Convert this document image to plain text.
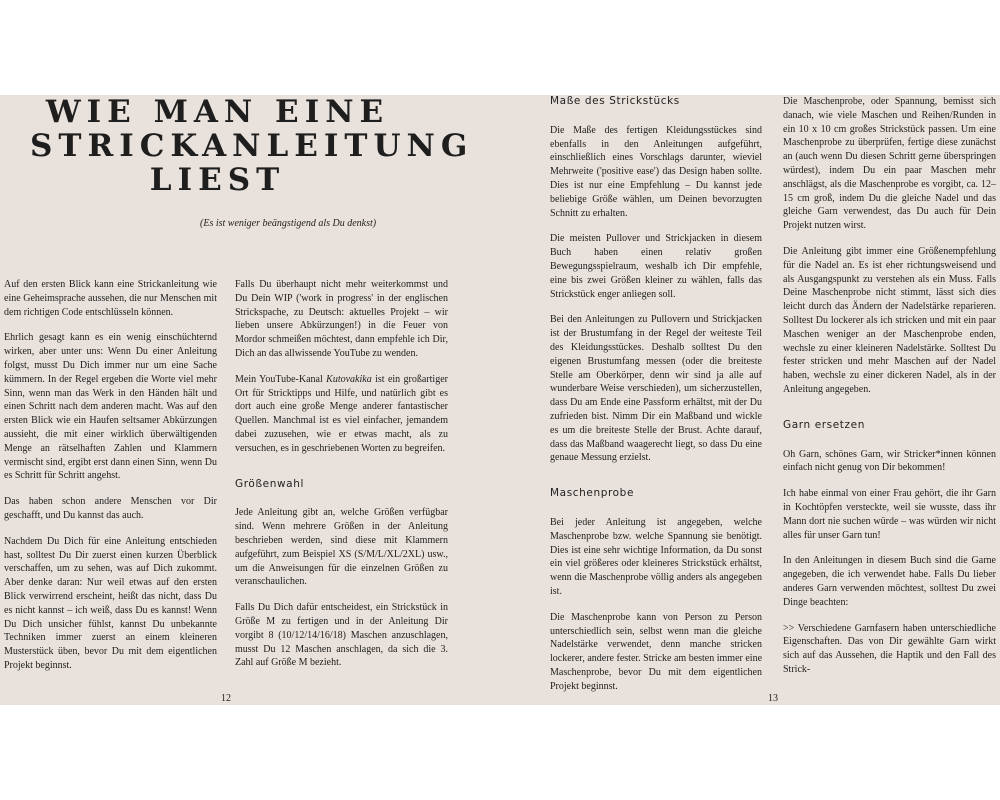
WIE MAN EINE
STRICKANLEITUNG
LIEST
(Es ist weniger beängstigend als Du denkst)

Auf den ersten Blick kann eine Strickanleitung wie eine Geheimsprache aussehen, die nur Menschen mit dem richtigen Code entschlüsseln können.

Ehrlich gesagt kann es ein wenig einschüchternd wirken, aber unter uns: Wenn Du einer Anleitung folgst, musst Du Dich immer nur um eine Sache kümmern. In der Regel ergeben die Worte viel mehr Sinn, wenn man das Werk in den Händen hält und einen Schritt nach dem anderen macht. Was auf den ersten Blick wie ein Haufen seltsamer Abkürzungen aussieht, die mit einer wirklich überwältigenden Menge an rätselhaften Zahlen und Klammern vermischt sind, ergibt erst dann einen Sinn, wenn Du es Schritt für Schritt angehst.

Das haben schon andere Menschen vor Dir geschafft, und Du kannst das auch.

Nachdem Du Dich für eine Anleitung entschieden hast, solltest Du Dir zuerst einen kurzen Überblick verschaffen, um zu sehen, was auf Dich zukommt. Aber denke daran: Nur weil etwas auf den ersten Blick verwirrend erscheint, heißt das nicht, dass Du es nicht kannst – ich weiß, dass Du es kannst! Wenn Du Dich unsicher fühlst, kannst Du unbekannte Techniken immer zuerst an einem kleineren Musterstück üben, bevor Du mit dem eigentlichen Projekt beginnst.

Falls Du überhaupt nicht mehr weiterkommst und Du Dein WIP ('work in progress' in der englischen Strickspache, zu Deutsch: aktuelles Projekt – wir lieben unsere Abkürzungen!) in die Feuer von Mordor schmeißen möchtest, dann empfehle ich Dir, Dich an das allwissende YouTube zu wenden.

Mein YouTube-Kanal Kutovakika ist ein großartiger Ort für Stricktipps und Hilfe, und natürlich gibt es dort auch eine große Menge anderer fantastischer Quellen. Manchmal ist es viel einfacher, jemandem dabei zuzusehen, wie er etwas macht, als zu versuchen, es in geschriebenen Worten zu begreifen.

Größenwahl

Jede Anleitung gibt an, welche Größen verfügbar sind. Wenn mehrere Größen in der Anleitung beschrieben werden, sind diese mit Klammern aufgeführt, zum Beispiel XS (S/M/L/XL/2XL) usw., um die Anweisungen für die einzelnen Größen zu veranschaulichen.

Falls Du Dich dafür entscheidest, ein Strickstück in Größe M zu fertigen und in der Anleitung Dir vorgibt 8 (10/12/14/16/18) Maschen anzuschlagen, musst Du 12 Maschen anschlagen, da sich die 3. Zahl auf Größe M bezieht.

12
Maße des Strickstücks

Die Maße des fertigen Kleidungsstückes sind ebenfalls in den Anleitungen aufgeführt, einschließlich eines Vorschlags darunter, wieviel Mehrweite ('positive ease') das Design haben sollte. Dies ist nur eine Empfehlung – Du kannst jede beliebige Größe wählen, um Deinen bevorzugten Schnitt zu erhalten.

Die meisten Pullover und Strickjacken in diesem Buch haben einen relativ großen Bewegungsspielraum, weshalb ich Dir empfehle, eine bis zwei Größen kleiner zu wählen, falls das Strickstück enger anliegen soll.

Bei den Anleitungen zu Pullovern und Strickjacken ist der Brustumfang in der Regel der weiteste Teil des Kleidungsstückes. Deshalb solltest Du den eigenen Brustumfang messen (oder die breiteste Stelle am Oberkörper, denn wir sind ja alle auf wunderbare Weise verschieden), um sicherzustellen, dass Du am Ende eine Passform erhältst, mit der Du zufrieden bist. Nimm Dir ein Maßband und wickle es um die breiteste Stelle der Brust. Achte darauf, dass das Maßband waagerecht liegt, so dass Du eine genaue Messung erzielst.

Maschenprobe

Bei jeder Anleitung ist angegeben, welche Maschenprobe bzw. welche Spannung sie benötigt. Dies ist eine sehr wichtige Information, da Du sonst ein viel größeres oder kleineres Strickstück erhältst, wenn die Maschenprobe völlig anders als angegeben ist.

Die Maschenprobe kann von Person zu Person unterschiedlich sein, selbst wenn man die gleiche Nadelstärke verwendet, denn manche stricken lockerer, andere fester. Stricke am besten immer eine Maschenprobe, bevor Du mit dem eigentlichen Projekt beginnst.

Die Maschenprobe, oder Spannung, bemisst sich danach, wie viele Maschen und Reihen/Runden in ein 10 x 10 cm großes Strickstück passen. Um eine Maschenprobe zu überprüfen, fertige diese zunächst an (auch wenn Du diesen Schritt gerne überspringen würdest), indem Du ein paar Maschen mehr anschlägst, als die Maschenprobe es vorgibt, ca. 12–15 cm groß, indem Du die gleiche Nadel und das gleiche Garn verwendest, das Du auch für Dein Projekt nutzen wirst.

Die Anleitung gibt immer eine Größenempfehlung für die Nadel an. Es ist eher richtungsweisend und als Ausgangspunkt zu verstehen als ein Muss. Falls Deine Maschenprobe nicht stimmt, lässt sich dies leicht durch das Ändern der Nadelstärke reparieren. Solltest Du lockerer als ich stricken und mit ein paar Maschen weniger an der Maschenprobe enden, wechsle zu einer kleineren Nadelstärke. Solltest Du fester stricken und mehr Maschen auf der Nadel haben, wechsle zu einer dickeren Nadel, als in der Anleitung angegeben.

Garn ersetzen

Oh Garn, schönes Garn, wir Stricker*innen können einfach nicht genug von Dir bekommen!

Ich habe einmal von einer Frau gehört, die ihr Garn in Kochtöpfen versteckte, weil sie wusste, dass ihr Mann dort nie suchen würde – was würden wir nicht alles für unser Garn tun!

In den Anleitungen in diesem Buch sind die Garne angegeben, die ich verwendet habe. Falls Du lieber anderes Garn verwenden möchtest, solltest Du zwei Dinge beachten:

>> Verschiedene Garnfasern haben unterschiedliche Eigenschaften. Das von Dir gewählte Garn wirkt sich auf das Aussehen, die Haptik und den Fall des Strick-

13
